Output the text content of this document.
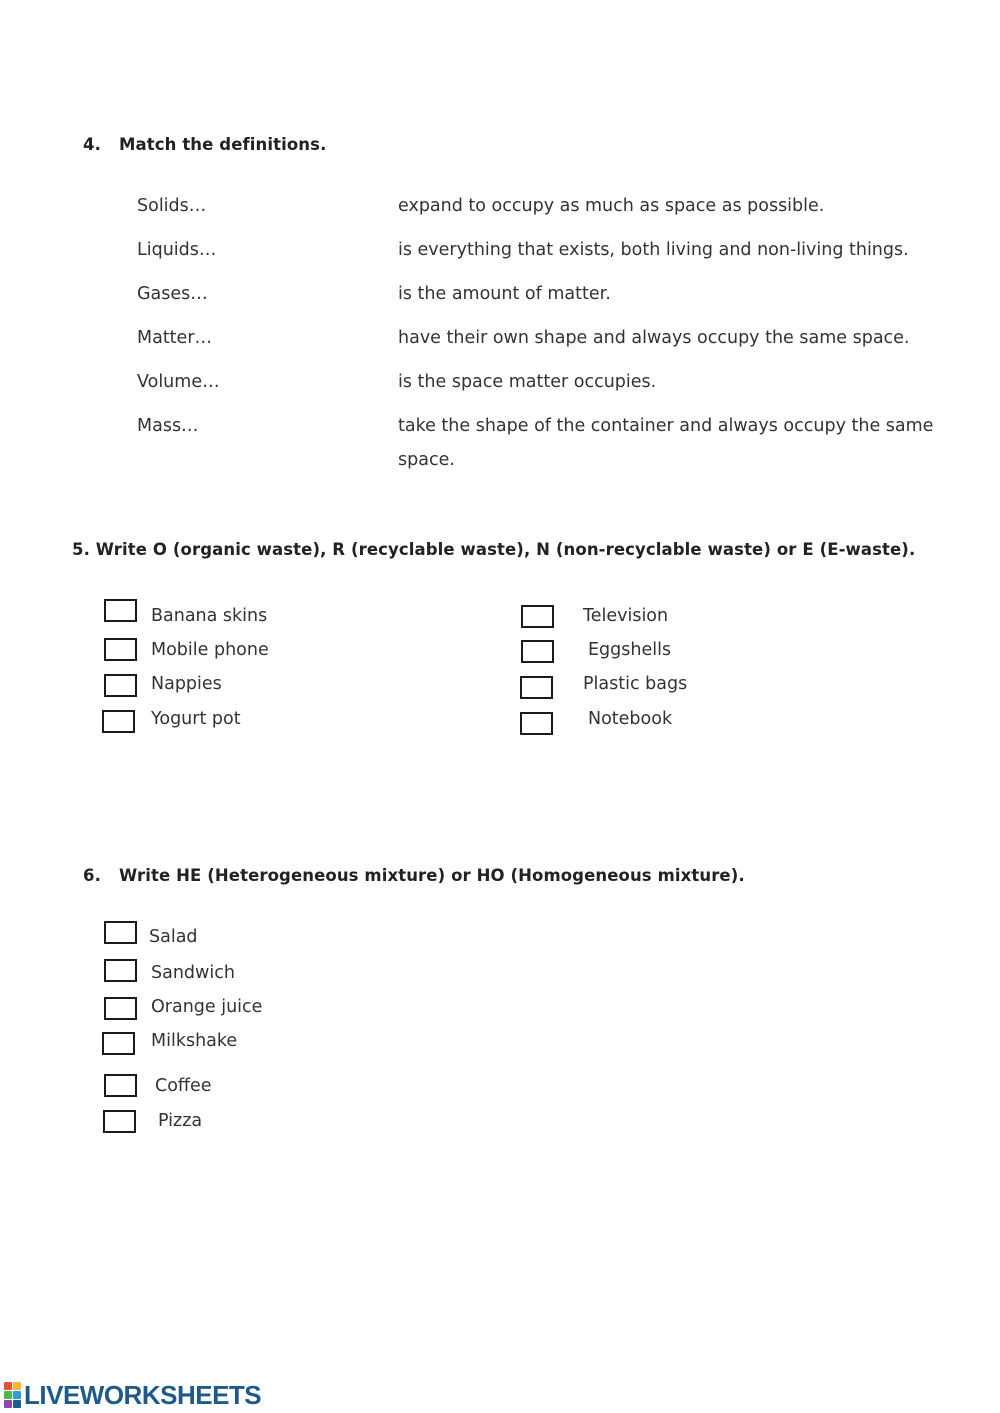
4. Match the definitions.
Solids…
Liquids…
Gases…
Matter…
Volume…
Mass…
expand to occupy as much as space as possible.
is everything that exists, both living and non-living things.
is the amount of matter.
have their own shape and always occupy the same space.
is the space matter occupies.
take the shape of the container and always occupy the same space.
5. Write O (organic waste), R (recyclable waste), N (non-recyclable waste) or E (E-waste).
Banana skins
Mobile phone
Nappies
Yogurt pot
Television
Eggshells
Plastic bags
Notebook
6. Write HE (Heterogeneous mixture) or HO (Homogeneous mixture).
Salad
Sandwich
Orange juice
Milkshake
Coffee
Pizza
LIVEWORKSHEETS
